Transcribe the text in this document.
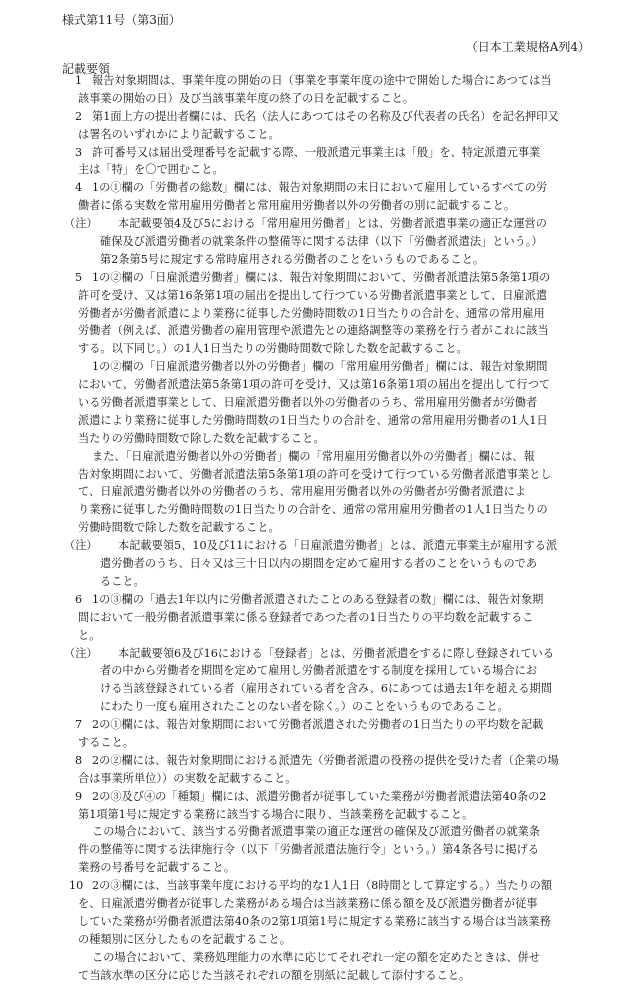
様式第11号（第3面）
（日本工業規格A列4）
記載要領
報告対象期間は、事業年度の開始の日（事業を事業年度の途中で開始した場合にあつては当
該事業の開始の日）及び当該事業年度の終了の日を記載すること。
1
第1面上方の提出者欄には、氏名（法人にあつてはその名称及び代表者の氏名）を記名押印又
は署名のいずれかにより記載すること。
2
許可番号又は届出受理番号を記載する際、一般派遣元事業主は「般」を、特定派遣元事業
主は「特」を〇で囲むこと。
3
1の①欄の「労働者の総数」欄には、報告対象期間の末日において雇用しているすべての労
働者に係る実数を常用雇用労働者と常用雇用労働者以外の労働者の別に記載すること。
4
本記載要領4及び5における「常用雇用労働者」とは、労働者派遣事業の適正な運営の
確保及び派遣労働者の就業条件の整備等に関する法律（以下「労働者派遣法」という。）
第2条第5号に規定する常時雇用される労働者のことをいうものであること。
（注）
1の②欄の「日雇派遣労働者」欄には、報告対象期間において、労働者派遣法第5条第1項の
許可を受け、又は第16条第1項の届出を提出して行つている労働者派遣事業として、日雇派遣
労働者が労働者派遣により業務に従事した労働時間数の1日当たりの合計を、通常の常用雇用
労働者（例えば、派遣労働者の雇用管理や派遣先との連絡調整等の業務を行う者がこれに該当
する。以下同じ。）の1人1日当たりの労働時間数で除した数を記載すること。
5
1の②欄の「日雇派遣労働者以外の労働者」欄の「常用雇用労働者」欄には、報告対象期間
において、労働者派遣法第5条第1項の許可を受け、又は第16条第1項の届出を提出して行つて
いる労働者派遣事業として、日雇派遣労働者以外の労働者のうち、常用雇用労働者が労働者
派遣により業務に従事した労働時間数の1日当たりの合計を、通常の常用雇用労働者の1人1日
当たりの労働時間数で除した数を記載すること。
また、「日雇派遣労働者以外の労働者」欄の「常用雇用労働者以外の労働者」欄には、報
告対象期間において、労働者派遣法第5条第1項の許可を受けて行つている労働者派遣事業とし
て、日雇派遣労働者以外の労働者のうち、常用雇用労働者以外の労働者が労働者派遣によ
り業務に従事した労働時間数の1日当たりの合計を、通常の常用雇用労働者の1人1日当たりの
労働時間数で除した数を記載すること。
本記載要領5、10及び11における「日雇派遣労働者」とは、派遣元事業主が雇用する派
遣労働者のうち、日々又は三十日以内の期間を定めて雇用する者のことをいうものであ
ること。
（注）
1の③欄の「過去1年以内に労働者派遣されたことのある登録者の数」欄には、報告対象期
間において一般労働者派遣事業に係る登録者であつた者の1日当たりの平均数を記載するこ
と。
6
本記載要領6及び16における「登録者」とは、労働者派遣をするに際し登録されている
者の中から労働者を期間を定めて雇用し労働者派遣をする制度を採用している場合にお
ける当該登録されている者（雇用されている者を含み、6にあつては過去1年を超える期間
にわたり一度も雇用されたことのない者を除く。）のことをいうものであること。
（注）
2の①欄には、報告対象期間において労働者派遣された労働者の1日当たりの平均数を記載
すること。
7
2の②欄には、報告対象期間における派遣先（労働者派遣の役務の提供を受けた者（企業の場
合は事業所単位））の実数を記載すること。
8
2の③及び④の「種類」欄には、派遣労働者が従事していた業務が労働者派遣法第40条の2
第1項第1号に規定する業務に該当する場合に限り、当該業務を記載すること。
9
この場合において、該当する労働者派遣事業の適正な運営の確保及び派遣労働者の就業条
件の整備等に関する法律施行令（以下「労働者派遣法施行令」という。）第4条各号に掲げる
業務の号番号を記載すること。
2の③欄には、当該事業年度における平均的な1人1日（8時間として算定する。）当たりの額
を、日雇派遣労働者が従事した業務がある場合は当該業務に係る額を及び派遣労働者が従事
していた業務が労働者派遣法第40条の2第1項第1号に規定する業務に該当する場合は当該業務
の種類別に区分したものを記載すること。
10
この場合において、業務処理能力の水準に応じてそれぞれ一定の額を定めたときは、併せ
て当該水準の区分に応じた当該それぞれの額を別紙に記載して添付すること。
